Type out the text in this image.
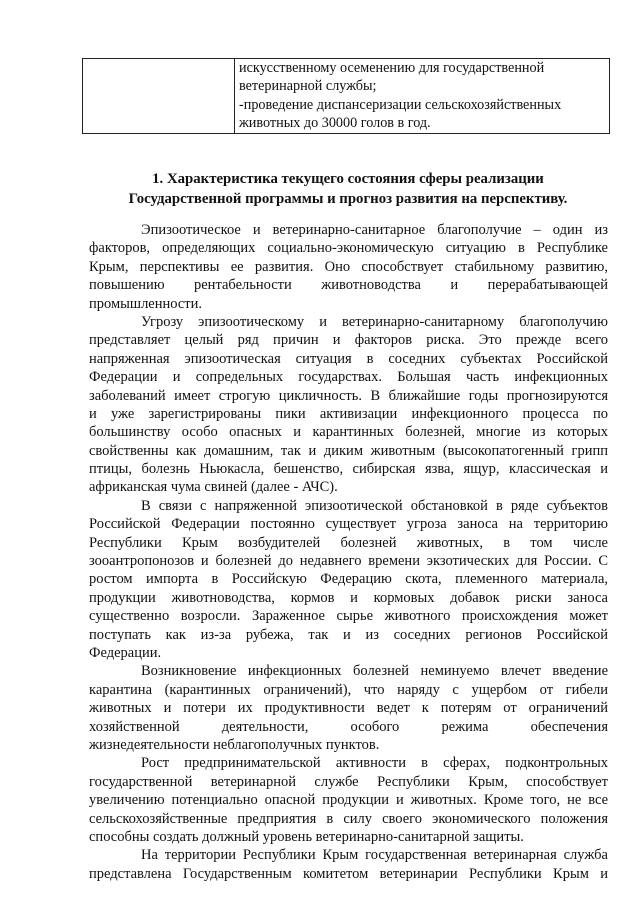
искусственному осеменению для государственной
ветеринарной службы;
-проведение диспансеризации сельскохозяйственных
животных до 30000 голов в год.
1. Характеристика текущего состояния сферы реализации
Государственной программы и прогноз развития на перспективу.
Эпизоотическое и ветеринарно-санитарное благополучие – один из
факторов, определяющих социально-экономическую ситуацию в Республике
Крым, перспективы ее развития. Оно способствует стабильному развитию,
повышению рентабельности животноводства и перерабатывающей
промышленности.
Угрозу эпизоотическому и ветеринарно-санитарному благополучию
представляет целый ряд причин и факторов риска. Это прежде всего
напряженная эпизоотическая ситуация в соседних субъектах Российской
Федерации и сопредельных государствах. Большая часть инфекционных
заболеваний имеет строгую цикличность. В ближайшие годы прогнозируются
и уже зарегистрированы пики активизации инфекционного процесса по
большинству особо опасных и карантинных болезней, многие из которых
свойственны как домашним, так и диким животным (высокопатогенный грипп
птицы, болезнь Ньюкасла, бешенство, сибирская язва, ящур, классическая и
африканская чума свиней (далее - АЧС).
В связи с напряженной эпизоотической обстановкой в ряде субъектов
Российской Федерации постоянно существует угроза заноса на территорию
Республики Крым возбудителей болезней животных, в том числе
зооантропонозов и болезней до недавнего времени экзотических для России. С
ростом импорта в Российскую Федерацию скота, племенного материала,
продукции животноводства, кормов и кормовых добавок риски заноса
существенно возросли. Зараженное сырье животного происхождения может
поступать как из-за рубежа, так и из соседних регионов Российской
Федерации.
Возникновение инфекционных болезней неминуемо влечет введение
карантина (карантинных ограничений), что наряду с ущербом от гибели
животных и потери их продуктивности ведет к потерям от ограничений
хозяйственной деятельности, особого режима обеспечения
жизнедеятельности неблагополучных пунктов.
Рост предпринимательской активности в сферах, подконтрольных
государственной ветеринарной службе Республики Крым, способствует
увеличению потенциально опасной продукции и животных. Кроме того, не все
сельскохозяйственные предприятия в силу своего экономического положения
способны создать должный уровень ветеринарно-санитарной защиты.
На территории Республики Крым государственная ветеринарная служба
представлена Государственным комитетом ветеринарии Республики Крым и
